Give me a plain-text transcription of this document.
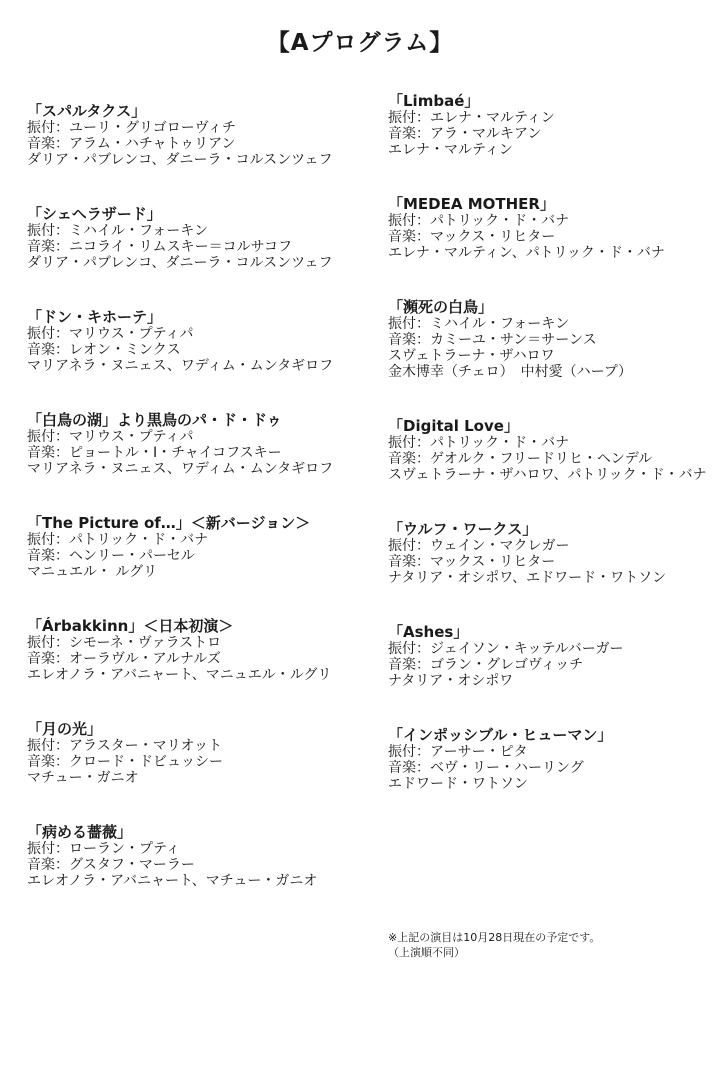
【Aプログラム】
「スパルタクス」
振付：ユーリ・グリゴローヴィチ
音楽：アラム・ハチャトゥリアン
ダリア・パブレンコ、ダニーラ・コルスンツェフ
「シェヘラザード」
振付：ミハイル・フォーキン
音楽：ニコライ・リムスキー＝コルサコフ
ダリア・パブレンコ、ダニーラ・コルスンツェフ
「ドン・キホーテ」
振付：マリウス・プティパ
音楽：レオン・ミンクス
マリアネラ・ヌニェス、ワディム・ムンタギロフ
「白鳥の湖」より黒鳥のパ・ド・ドゥ
振付：マリウス・プティパ
音楽：ピョートル・I・チャイコフスキー
マリアネラ・ヌニェス、ワディム・ムンタギロフ
「The Picture of…」＜新バージョン＞
振付：パトリック・ド・バナ
音楽：ヘンリー・パーセル
マニュエル・ ルグリ
「Árbakkinn」＜日本初演＞
振付：シモーネ・ヴァラストロ
音楽：オーラヴル・アルナルズ
エレオノラ・アバニャート、マニュエル・ルグリ
「月の光」
振付：アラスター・マリオット
音楽：クロード・ドビュッシー
マチュー・ガニオ
「病める薔薇」
振付：ローラン・プティ
音楽：グスタフ・マーラー
エレオノラ・アバニャート、マチュー・ガニオ
「Limbaé」
振付：エレナ・マルティン
音楽：アラ・マルキアン
エレナ・マルティン
「MEDEA MOTHER」
振付：パトリック・ド・バナ
音楽：マックス・リヒター
エレナ・マルティン、パトリック・ド・バナ
「瀕死の白鳥」
振付：ミハイル・フォーキン
音楽：カミーユ・サン＝サーンス
スヴェトラーナ・ザハロワ
金木博幸（チェロ）　中村愛（ハープ）
「Digital Love」
振付：パトリック・ド・バナ
音楽：ゲオルク・フリードリヒ・ヘンデル
スヴェトラーナ・ザハロワ、パトリック・ド・バナ
「ウルフ・ワークス」
振付：ウェイン・マクレガー
音楽：マックス・リヒター
ナタリア・オシポワ、エドワード・ワトソン
「Ashes」
振付：ジェイソン・キッテルバーガー
音楽：ゴラン・グレゴヴィッチ
ナタリア・オシポワ
「インポッシブル・ヒューマン」
振付：アーサー・ピタ
音楽：ベヴ・リー・ハーリング
エドワード・ワトソン
※上記の演目は10月28日現在の予定です。
（上演順不同）
